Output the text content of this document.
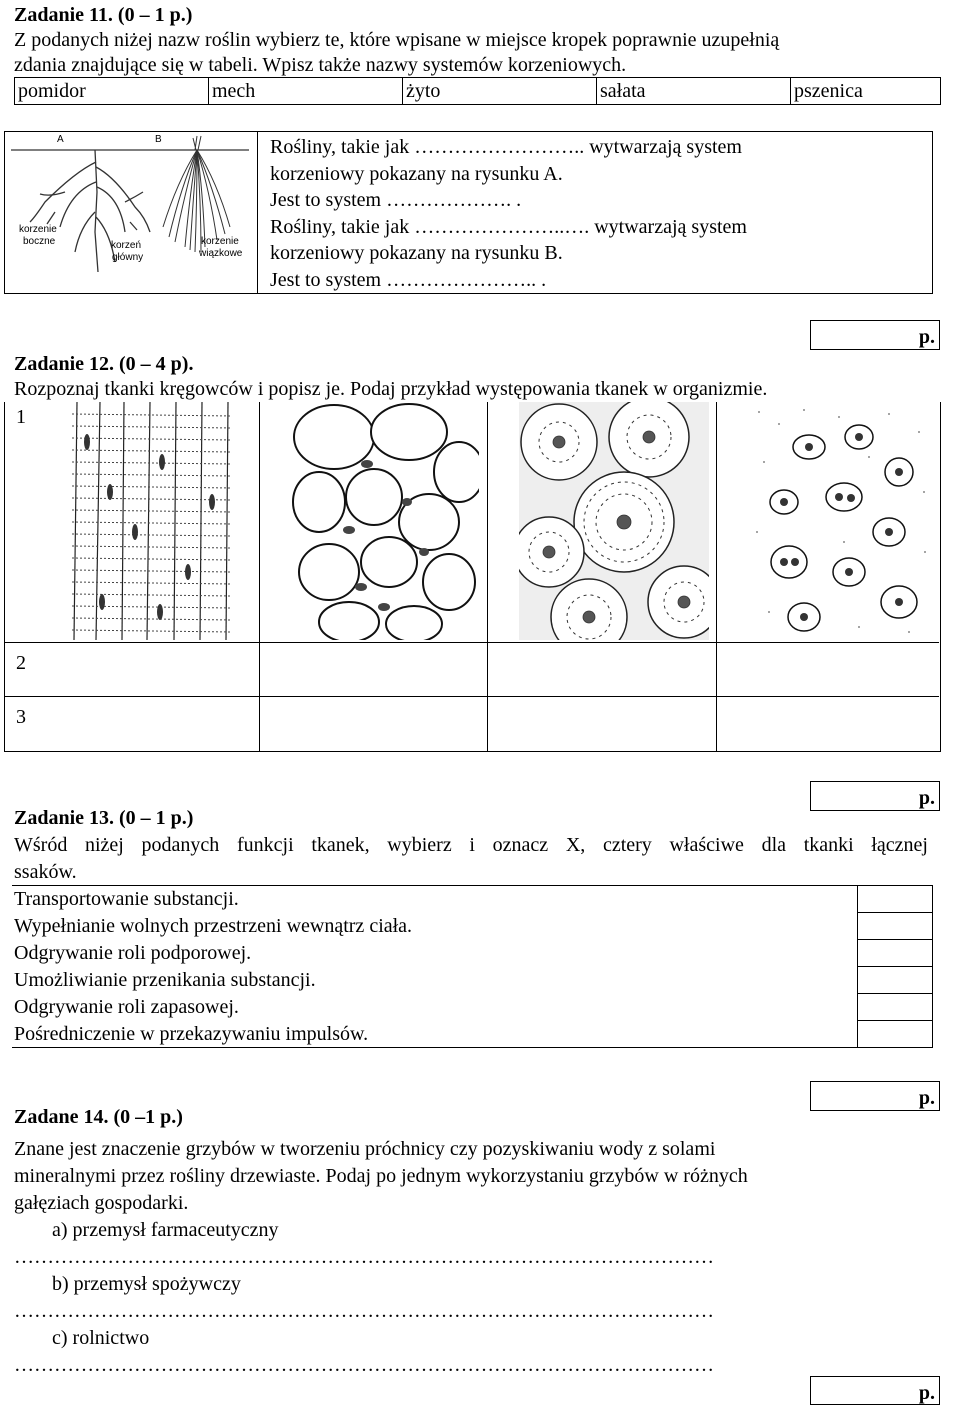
Zadanie 11. (0 – 1 p.)
Z podanych niżej nazw roślin wybierz te, które wpisane w miejsce kropek poprawnie uzupełnią
zdania znajdujące się w tabeli. Wpisz także nazwy systemów korzeniowych.
pomidor	mech	żyto	sałata	pszenica
A	B
korzenie
boczne	korzeń
główny
korzenie
wiązkowe
Rośliny, takie jak …………………….. wytwarzają system
korzeniowy pokazany na rysunku A.
Jest to system ………………. .
Rośliny, takie jak …………………..…. wytwarzają system
korzeniowy pokazany na rysunku B.
Jest to system ………………….. .
p.
Zadanie 12. (0 – 4 p).
Rozpoznaj tkanki kręgowców i popisz je. Podaj przykład występowania tkanek w organizmie.
1
2
3
p.
Zadanie 13. (0 – 1 p.)
Wśród niżej podanych funkcji tkanek, wybierz i oznacz X, cztery właściwe dla tkanki łącznej
ssaków.
Transportowanie substancji.	
Wypełnianie wolnych przestrzeni wewnątrz ciała.	
Odgrywanie roli podporowej.	
Umożliwianie przenikania substancji.	
Odgrywanie roli zapasowej.	
Pośredniczenie w przekazywaniu impulsów.	
p.
Zadane 14. (0 –1 p.)
Znane jest znaczenie grzybów w tworzeniu próchnicy czy pozyskiwaniu wody z solami
mineralnymi przez rośliny drzewiaste. Podaj po jednym wykorzystaniu grzybów w różnych
gałęziach gospodarki.
a) przemysł farmaceutyczny
……………………………………………………………………………………………
b) przemysł spożywczy
……………………………………………………………………………………………
c) rolnictwo
……………………………………………………………………………………………
p.
